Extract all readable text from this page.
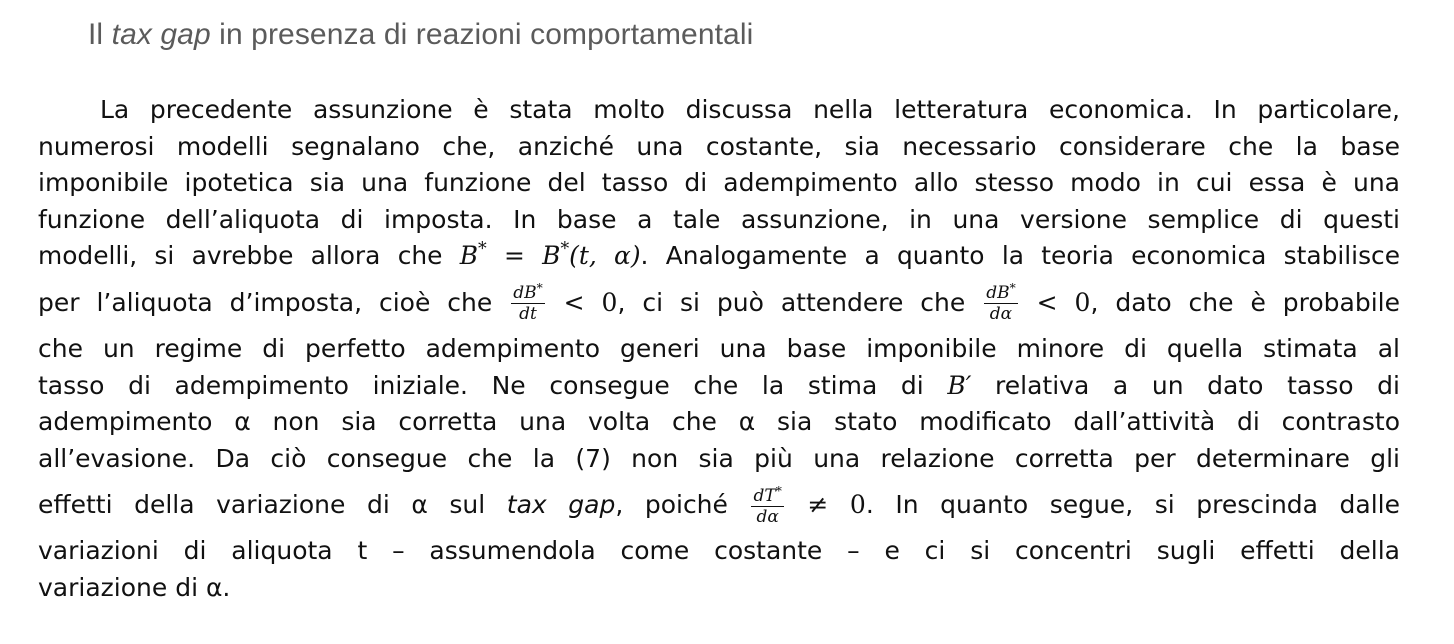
Il tax gap in presenza di reazioni comportamentali
La precedente assunzione è stata molto discussa nella letteratura economica. In particolare,
numerosi modelli segnalano che, anziché una costante, sia necessario considerare che la base
imponibile ipotetica sia una funzione del tasso di adempimento allo stesso modo in cui essa è una
funzione dell’aliquota di imposta. In base a tale assunzione, in una versione semplice di questi
modelli, si avrebbe allora che B* = B*(t, α). Analogamente a quanto la teoria economica stabilisce
per l’aliquota d’imposta, cioè che $\frac{dB^*}{dt} < 0$, ci si può attendere che $\frac{dB^*}{d\alpha} < 0$, dato che è probabile
che un regime di perfetto adempimento generi una base imponibile minore di quella stimata al
tasso di adempimento iniziale. Ne consegue che la stima di B′ relativa a un dato tasso di
adempimento α non sia corretta una volta che α sia stato modificato dall’attività di contrasto
all’evasione. Da ciò consegue che la (7) non sia più una relazione corretta per determinare gli
effetti della variazione di α sul tax gap, poiché $\frac{dT^*}{d\alpha} \ne 0$. In quanto segue, si prescinda dalle
variazioni di aliquota t – assumendola come costante – e ci si concentri sugli effetti della
variazione di α.
